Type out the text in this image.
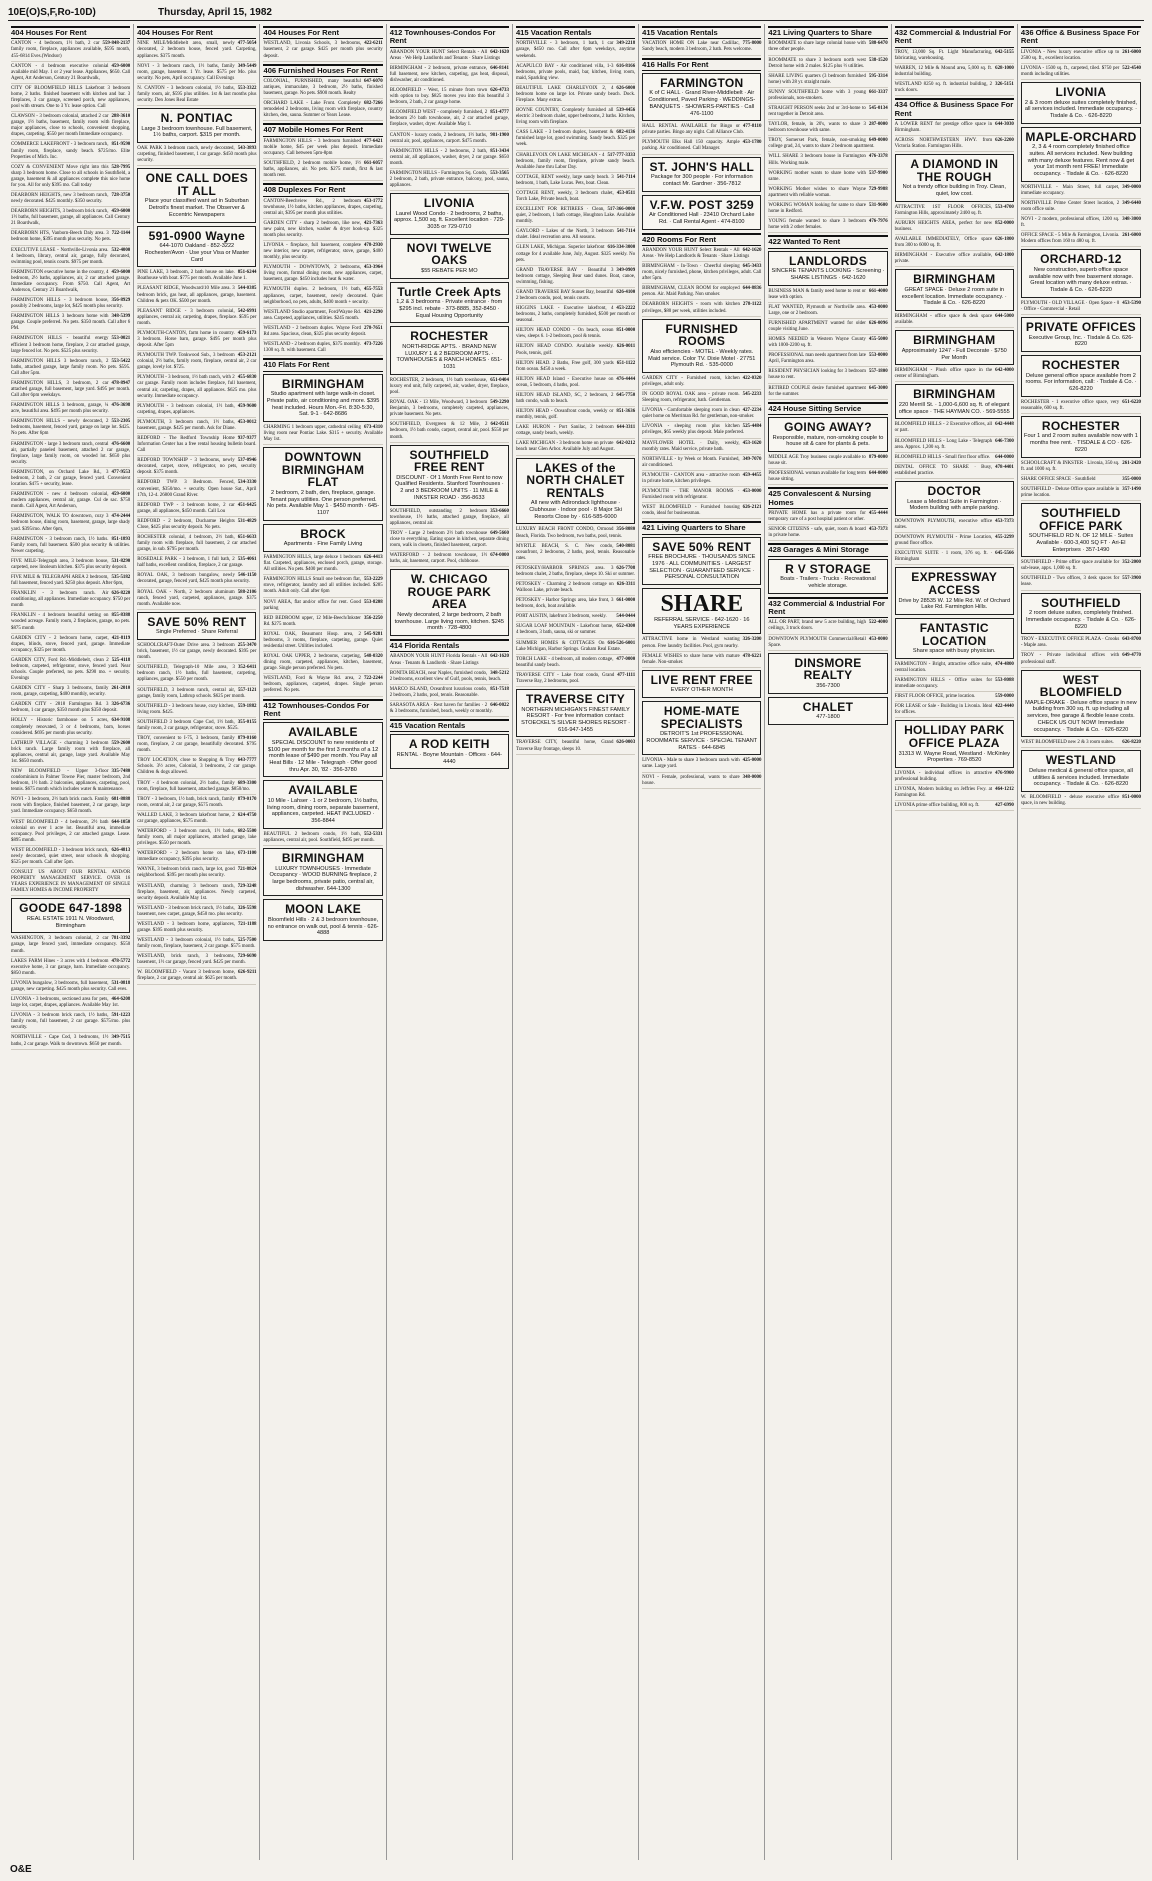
10E(O)S,F,Ro-10D)	Thursday, April 15, 1982
404 Houses For Rent
559-848-2137
CANTON - 4 bedroom, 1½ bath, 2 car family room, fireplace, appliances available, $595 month, 455-6814 Eves.(Windsor)
459-6000
CANTON - 4 bedroom executive colonial available mid May. 1 or 2 year lease. Appliances, $650. Call Agent, Art Anderson, Century 21 Boardwalk,
CITY OF BLOOMFIELD HILLS Lakefront 3 bedroom home, 2 baths. finished basement with kitchen and bar. 3 fireplaces, 3 car garage, screened porch, new appliances, pool with stream. One to 3 Yr. lease option. Call
288-3610
CLAWSON - 3 bedroom colonial, attached 2 car garage, 1½ baths, basement, family room with fireplace, major appliances, close to schools, convenient shopping, drapes, carpeting. $550 per month Immediate occupancy.
851-9590
COMMERCE LAKEFRONT - 3 bedroom ranch, family room, fireplace, sandy beach. $725/mo. Elite Properties of Mich. Inc.
528-7995
COZY & CONVENIENT Move right into this sharp 3 bedroom home. Close to all schools in Southfield, a garage, basement & all appliances complete this nice home for you. All for only $395 mo. Call today
728-3750
DEARBORN HEIGHTS, new 3 bedroom ranch, newly decorated. $425 monthly. $350 security.
459-6000
DEARBORN HEIGHTS, 3 bedroom brick ranch, 1½ baths, full basement, garage, all appliances. Call Century 21 Boardwalk,
722-1144
DEARBORN HTS, Vanborn-Beech Daly area. 3 bedroom home, $395 month plus security. No pets.
532-4000
EXECUTIVE LEASE - Northville-Livonia area. 4 bedroom, library, central air, garage, fully decorated, swimming pool, tennis courts. $975 per month.
459-6000
FARMINGTON executive home in the country, 4 bedroom, 2½ baths, appliances, air, 2 car attached garage. Immediate occupancy. From $750. Call Agent, Art Anderson, Century 21 Boardwalk,
356-8929
FARMINGTON HILLS - 3 bedroom house, possibly 2 bedrooms, large lot, $425 month plus security.
348-5399
FARMINGTON HILLS 3 bedroom home with garage. Couple preferred. No pets. $350 month. Call after 6 PM.
553-0021
FARMINGTON HILLS - beautiful energy efficient 3 bedroom home, fireplace, 2 car attached garage, large fenced lot. No pets. $525 plus security.
553-5422
FARMINGTON HILLS 3 bedroom ranch, 2 baths, attached garage, large family room. No pets. $595. Call after 5pm.
478-8947
FARMINGTON HILLS, 3 bedroom, 2 car attached garage, full basement, large yard. $495 per month. Call after 6pm weekdays.
476-3698
FARMINGTON HILLS 3 bedroom, garage, ¼ acre, beautiful area. $495 per month plus security.
553-2305
FARMINGTON HILLS - newly decorated, 2 bedrooms, basement, fenced yard, garage on large lot. $425. No pets. After 6pm
476-6600
FARMINGTON - large 3 bedroom ranch, central air, partially paneled basement, attached 2 car garage, fireplace, large family room, on wooded lot. $650 plus security.
477-9553
FARMINGTON, on Orchard Lake Rd., 3 bedroom, 2 bath, 2 car garage, fenced yard. Convenient location. $475 + security, lease.
459-6000
FARMINGTON - new 4 bedroom colonial, modern appliances, central air, garage. Cul de sac. $750 month. Call Agent, Art Anderson,
474-2444
FARMINGTON, WALK TO downtown, cozy 3 bedroom house, dining room, basement, garage, large shady yard. $395/mo. After 6pm,
851-1893
FARMINGTON - 3 bedroom ranch, 1½ baths. Family room, full basement. $500 plus security & utilities. Newer carpeting.
531-8290
FIVE MILE-Telegraph area, 3 bedroom house, carpeted, new linoleum kitchen. $375 plus security deposit.
535-5182
FIVE MILE & TELEGRAPH AREA 2 bedroom, full basement, fenced yard. $250 plus deposit. After 6pm,
626-8220
FRANKLIN - 3 bedroom ranch. Air conditioning, all appliances. Immediate occupancy. $750 per month
855-8388
FRANKLIN - 4 bedroom beautiful setting on wooded acreage. Family room, 2 fireplaces, garage, no pets. $875 month
421-8119
GARDEN CITY - 2 bedroom home, carpet, drapes, blinds, stove, fenced yard, garage. Immediate occupancy, $325 per month.
525-4118
GARDEN CITY, Ford Rd.-Middlebelt, clean 2 bedroom, carpeted, refrigerator, stove, fenced yard. Near schools. Couple preferred, no pets. $290 mo. + security. Evenings
261-2010
GARDEN CITY - Sharp 3 bedrooms, family room, garage, carpeting, $400 monthly, security.
326-6736
GARDEN CITY - 2818 Farmington Rd. 3 bedroom, 1 car garage, $350 month plus $350 deposit.
634-9108
HOLLY - Historic farmhouse on 5 acres, completely renovated, 3 or 4 bedrooms, barn, horses considered. $695 per month plus security.
559-2600
LATHRUP VILLAGE - charming 3 bedroom brick ranch. Large family room with fireplace, all appliances, central air, garage, large yard. Available May 1st. $650 month.
335-7480
NEW BLOOMFIELD - Upper 3-floor condominium in Palmer Towne Pier, master bedroom, 2nd bedroom, 1½ bath. 2 balconies, appliances, carpeting, pool, tennis. $675 month which includes water & maintenance.
681-8888
NOVI - 3 bedroom, 2½ bath brick ranch. Family room with fireplace, finished basement, 2 car garage, large yard. Immediate occupancy. $650 month.
644-1050
WEST BLOOMFIELD - 4 bedroom, 2½ bath colonial on over 1 acre lot. Beautiful area, immediate occupancy. Pool privileges, 2 car attached garage. Lease. $895 month.
626-4813
WEST BLOOMFIELD - 3 bedroom brick ranch, newly decorated, quiet street, near schools & shopping. $525 per month. Call after 5pm.
CONSULT US ABOUT OUR RENTAL AND/OR PROPERTY MANAGEMENT SERVICE. OVER 16 YEARS EXPERIENCE IN MANAGEMENT OF SINGLE FAMILY HOMES & INCOME PROPERTY
GOODE 647-1898
REAL ESTATE 1911 N. Woodward, Birmingham
781-3392
WASHINGTON, 3 bedroom colonial, 2 car garage, large fenced yard, immediate occupancy. $550 month.
478-5772
LAKES FARM Hines - 3 acres with 4 bedroom executive home, 3 car garage, barn. Immediate occupancy. $850 month.
531-0818
LIVONIA bungalow, 3 bedrooms, full basement, garage, new carpeting. $425 month plus security. Call eves.
464-6208
LIVONIA - 3 bedrooms, sectioned area for pets, large lot, carpet, drapes, appliances. Available May 1st.
591-1223
LIVONIA - 3 bedroom brick ranch, 1½ baths, family room, full basement, 2 car garage. $575/mo. plus security.
349-7515
NORTHVILLE - Cape Cod, 3 bedrooms, 1½ baths, 2 car garage. Walk to downtown. $650 per month.
404 Houses For Rent
477-5054
NINE MILE/Middlebelt area, small, newly decorated, 2 bedroom house, fenced yard. Carpeting, appliances. $375 month.
349-5449
NOVI - 3 bedroom ranch, 1½ baths, family room, garage, basement. 1 Yr. lease. $575 per Mo. plus security. No pets, April occupancy. Call Evenings
553-3322
N. CANTON - 3 bedroom colonial, 1½ baths, family room, air, $595 plus utilities. 1st & last months plus security. Den Jones Real Estate
N. PONTIAC
Large 3 bedroom townhouse. Full basement, 1½ baths, carport. $315 per month.
543-3893
OAK PARK 3 bedroom ranch, newly decorated, carpeting, finished basement, 1 car garage. $450 month plus security.
ONE CALL DOES IT ALL
Place your classified want ad in Suburban Detroit's finest market. The Observer & Eccentric Newspapers
591-0900 Wayne
644-1070 Oakland · 852-3222 Rochester/Avon · Use your Visa or Master Card
851-6244
PINE LAKE, 3 bedroom, 2 bath house on lake. Boathouse with boat. $775 per month. Available June 1.
544-0385
PLEASANT RIDGE, Woodward/10 Mile area. 3 bedroom brick, gas heat, all appliances, garage, basement. Children & pets OK. $500 per month.
542-6991
PLEASANT RIDGE - 3 bedroom colonial, appliances, central air, carpeting, drapes, fireplace. $595 per month.
459-6173
PLYMOUTH-CANTON, farm home in country. 3 bedroom. Horse barn, garage. $495 per month plus deposit. After 5pm
453-2121
PLYMOUTH TWP. Tonkwood Sub., 3 bedroom colonial, 2½ baths, family room, fireplace, central air, 2 car garage, lovely lot. $725.
455-6830
PLYMOUTH - 3 bedroom, 1½ bath ranch, with 2 car garage. Family room includes fireplace, full basement, central air, carpeting, drapes, all appliances. $625 mo. plus security. Immediate occupancy.
459-9600
PLYMOUTH - 3 bedroom colonial, 1½ bath, carpeting, drapes, appliances.
453-0012
PLYMOUTH, 3 bedroom ranch, 1½ baths, basement, garage. $425 per month. Ask for Diane.
937-9377
REDFORD - The Redford Township Home Information Center has a free rental housing bulletin board. Call
537-0946
REDFORD TOWNSHIP - 3 bedrooms, newly decorated, carpet, stove, refrigerator, no pets, security deposit. $375 month.
534-3330
REDFORD TWP. 3 Bedroom. Fenced, convenient, $350/mo. + security. Open house Sat., April 17th, 12-4. 26800 Grand River.
451-6425
REDFORD TWP - 3 bedroom home, 2 car garage, all appliances, $450 month. Call Lou
531-4829
REDFORD - 2 bedroom, Ducharme Heights Close, $425 plus security deposit. No pets.
651-6633
ROCHESTER colonial, 4 bedroom, 2½ bath, family room with fireplace, full basement, 2 car attached garage, in sub. $795 per month.
535-4061
ROSEDALE PARK - 3 bedroom, 1 full bath, 2 half baths, excellent condition, fireplace, 2 car garage.
546-1150
ROYAL OAK, 3 bedroom bungalow, newly decorated, garage, fenced yard, $425 month plus security.
588-2106
ROYAL OAK - North, 2 bedroom aluminum ranch, fenced yard, carpeted, appliances, garage. $375 month. Available now.
SAVE 50% RENT
Single Preferred · Share Referral
255-3470
SCHOOLCRAFT-Outer Drive area. 3 bedroom brick, basement, 1½ car garage, newly decorated. $395 per month.
352-6411
SOUTHFIELD, Telegraph-10 Mile area, 3 bedroom ranch, 1½ baths, full basement, carpeting, appliances, garage. $550 per month.
557-1121
SOUTHFIELD, 3 bedroom ranch, central air, garage, family room, Lathrup schools. $625 per month.
559-1882
SOUTHFIELD - 3 bedroom house, cozy kitchen, living room. $425.
355-0155
SOUTHFIELD 3 bedroom Cape Cod, 1½ bath, family room, 2 car garage, refrigerator, stove. $525.
879-0160
TROY, convenient to I-75, 3 bedroom, family room, fireplace, 2 car garage, beautifully decorated. $795 month.
643-7777
TROY LOCATION, close to Shopping & Troy Schools. 3½ acres, Colonial, 3 bedrooms, 2 car garage. Children & dogs allowed.
689-3300
TROY - 4 bedroom colonial, 2½ baths, family room, fireplace, full basement, attached garage. $850/mo.
879-0170
TROY - 3 bedroom, 1½ bath, brick ranch, family room, central air, 2 car garage, $575 month.
624-4750
WALLED LAKE, 3 bedroom lakefront home, 2 car garage, appliances, $575 month.
682-5500
WATERFORD - 3 bedroom ranch, 1½ baths, family room, all major appliances, attached garage, lake privileges. $550 per month.
673-1100
WATERFORD - 2 bedroom home on lake, immediate occupancy, $395 plus security.
721-8824
WAYNE, 3 bedroom brick ranch, large lot, good neighborhood. $395 per month plus security.
729-3248
WESTLAND, charming 3 bedroom ranch, fireplace, basement, air, appliances. Newly carpeted, security deposit. Available May 1st.
326-5598
WESTLAND - 3 bedroom brick ranch, 1½ baths, basement, new carpet, garage, $450 mo. plus security.
721-1188
WESTLAND - 3 bedroom home, appliances, garage. $395 month plus security.
525-7500
WESTLAND - 3 bedroom colonial, 1½ baths, family room, fireplace, basement, 2 car garage. $575 month.
729-6690
WESTLAND, brick ranch, 3 bedrooms, basement, 1½ car garage, fenced yard. $425 per month.
626-9211
W. BLOOMFIELD - Vacant 3 bedroom home, fireplace, 2 car garage, central air. $625 per month.
404 Houses For Rent
422-6211
WESTLAND, Livonia Schools, 3 bedrooms, basement, 2 car garage. $425 per month plus security deposit.
406 Furnished Houses For Rent
647-6070
COLONIAL, FURNISHED, many beautiful antiques, immaculate, 3 bedroom, 2½ baths, finished basement, garage. No pets. $900 month. Realty
682-7266
ORCHARD LAKE - Lake Front. Completely remodeled 2 bedrooms, living room with fireplace, country kitchen, den, sauna. Summer or Years Lease.
407 Mobile Homes For Rent
477-6421
FARMINGTON HILLS - 3 bedroom furnished mobile home, $45 per week plus deposit. Immediate occupancy. Call between 5pm-8pm
661-6057
SOUTHFIELD, 2 bedroom mobile home, 1½ baths, appliances, air. No pets. $275 month, first & last month rent.
408 Duplexes For Rent
453-1772
CANTON-Beechview Rd., 2 bedroom townhouse, 1½ baths, kitchen appliances, drapes, carpeting, central air, $395 per month plus utilities.
421-7363
GARDEN CITY - sharp 2 bedroom, like new, new paint, new kitchen, washer & dryer hook-up. $325 month plus security.
478-2930
LIVONIA - fireplace, full basement, complete new interior, new carpet, refrigerator, stove, garage, $400 monthly, plus security.
453-3964
PLYMOUTH - DOWNTOWN, 2 bedrooms, living room, formal dining room, new appliances, carpet, basement, garage. $450 includes heat & water.
455-7553
PLYMOUTH duplex. 2 bedroom, 1½ bath, appliances, carpet, basement, newly decorated. Quiet neighborhood, no pets, adults, $400 month + security.
421-2290
WESTLAND Studio apartment, Ford/Wayne Rd. area. Carpeted, appliances, utilities. $245 month.
278-7651
WESTLAND - 2 bedroom duplex. Wayne Ford Rd area. Spacious, clean, $325 plus security deposit.
473-7226
WESTLAND - 2 bedroom duplex, $375 monthly. 1300 sq. ft. with basement. Call
410 Flats For Rent
BIRMINGHAM
Studio apartment with large walk-in closet. Private patio, air conditioning and more. $395 heat included. Hours Mon.-Fri. 8:30-5:30, Sat. 9-1 · 642-8686
673-4310
CHARMING 1 bedroom upper, cathedral ceiling living room near Pontiac Lake. $315 + security. Available May 1st.
DOWNTOWN BIRMINGHAM FLAT
2 bedroom, 2 bath, den, fireplace, garage. Tenant pays utilities. One person preferred. No pets. Available May 1 · $450 month · 645-1107
BROCK
Apartments · Fine Family Living
626-4413
FARMINGTON HILLS, large deluxe 1 bedroom flat. Carpeted, appliances, enclosed porch, garage, storage. All utilities. No pets. $400 per month.
553-2229
FARMINGTON HILLS Small one bedroom flat, stove, refrigerator, laundry and all utilities included. $285 month. Adult only. Call after 6pm
553-8208
NOVI AREA, flat and/or office for rent. Good parking
356-2250
RED BEDROOM upper, 12 Mile-Beech/Inkster Rd. $275 month.
545-9281
ROYAL OAK, Beaumont Hosp. area, 2 bedrooms, 3 rooms, fireplace, carpeting, garage. Quiet residential street. Utilities included.
548-0320
ROYAL OAK UPPER, 2 bedrooms, carpeting, dining room, carpeted, appliances, kitchen, basement, garage. Single person preferred. No pets.
722-2244
WESTLAND, Ford & Wayne Rd. area, 2 bedroom, appliances, carpeted, drapes. Single person preferred. No pets.
412 Townhouses-Condos For Rent
AVAILABLE
SPECIAL DISCOUNT to new residents of $100 per month for the first 3 months of a 12 month lease of $490 per month. You Pay all Heat Bills · 12 Mile - Telegraph · Offer good thru Apr. 30, '82 · 356-3780
AVAILABLE
10 Mile - Lahser · 1 or 2 bedroom, 1½ baths, living room, dining room, separate basement, appliances, carpeted. HEAT INCLUDED · 356-8844
552-5331
BEAUTIFUL 2 bedroom condo, 1½ bath, appliances, central air, pool. Southfield, $495 per month.
BIRMINGHAM
LUXURY TOWNHOUSES · Immediate Occupancy · WOOD BURNING fireplace, 2 large bedrooms, private patio, central air, dishwasher. 644-1300
MOON LAKE
Bloomfield Hills · 2 & 3 bedroom townhouse, no entrance on walk out, pool & tennis · 626-4888
412 Townhouses-Condos For Rent
642-1620
ABANDON YOUR HUNT Select Rentals - All Areas · We Help Landlords and Tenants · Share Listings
646-8141
BIRMINGHAM - 2 bedroom, private entrance, full basement, new kitchen, carpeting, gas heat, disposal, dishwasher, air conditioned.
626-4733
BLOOMFIELD - West, 15 minute from town with option to buy. $825 moves you into this beautiful 3 bedroom, 2 bath, 2 car garage home.
851-4777
BLOOMFIELD WEST - completely furnished, 2 bedroom 2½ bath townhouse, air, 2 car attached garage, fireplace, washer, dryer. Available May 1.
981-1900
CANTON - luxury condo, 2 bedroom, 1½ baths, central air, pool, appliances, carport. $475 month.
851-3434
FARMINGTON HILLS - 2 bedrooms, 2 bath, central air, all appliances, washer, dryer, 2 car garage. $650 month.
553-3565
FARMINGTON HILLS - Farmington Sq. Condo, 2 bedroom, 2 bath, private entrance, balcony, pool, sauna, appliances.
LIVONIA
Laurel Wood Condo · 2 bedrooms, 2 baths, approx. 1,500 sq. ft. Excellent location · 729-3035 or 729-0710
NOVI TWELVE OAKS
$55 REBATE PER MO
Turtle Creek Apts
1,2 & 3 bedrooms · Private entrance · from $295 incl. rebate · 373-8885, 352-8450 · Equal Housing Opportunity
ROCHESTER
NORTHRIDGE APTS. · BRAND NEW LUXURY 1 & 2 BEDROOM APTS. · TOWNHOUSES & RANCH HOMES · 651-1031
651-0404
ROCHESTER, 2 bedroom, 1½ bath townhouse, luxury end unit, fully carpeted, air, washer, dryer, fireplace, pool.
549-2290
ROYAL OAK - 13 Mile, Woodward, 3 bedroom Benjamin, 3 bedrooms, completely carpeted, appliances, private basement. No pets.
642-0511
SOUTHFIELD, Evergreen & 12 Mile, 2 bedroom, 1½ bath condo, carport, central air, pool. $550 per month.
SOUTHFIELD FREE RENT
DISCOUNT · Of 1 Month Free Rent to now Qualified Residents. Stanford Townhouses · 2 and 3 BEDROOM UNITS · 11 MILE & INKSTER ROAD · 356-8633
353-6660
SOUTHFIELD, outstanding 2 bedroom townhouse, 1½ baths, attached garage, fireplace, all appliances, central air.
649-5660
TROY - Large 2 bedroom 2½ bath townhouse close to everything. Eating space in kitchen, separate dining room, walk in closets, finished basement, carport.
674-0000
WATERFORD - 2 bedroom townhouse, 1½ baths, air, basement, carport. Pool, clubhouse.
W. CHICAGO ROUGE PARK AREA
Newly decorated, 2 large bedroom, 2 bath townhouse. Large living room, kitchen. $245 month · 728-4800
414 Florida Rentals
642-1620
ABANDON YOUR HUNT Florida Rentals - All Areas · Tenants & Landlords · Share Listings
348-5212
BONITA BEACH, near Naples, furnished condo, 2 bedrooms, excellent view of Gulf, pools, tennis, beach.
851-7518
MARCO ISLAND, Oceanfront luxurious condo, 2 bedroom, 2 baths, pool, tennis. Reasonable.
646-0022
SARASOTA AREA · Rest haven for families · 2 & 3 bedrooms, furnished, beach, weekly or monthly.
415 Vacation Rentals
A ROD KEITH
RENTAL · Boyne Mountain · Offices · 644-4440
415 Vacation Rentals
349-2218
NORTHVILLE - 3 bedroom, 1 bath, 1 car garage, $450 mo. Call after 6pm weekdays, anytime weekends.
616-8166
ACAPULCO BAY - Air conditioned villa, 1-3 bedrooms, private pools, maid, bar, kitchen, living room, maid, Sparkling view.
626-6000
BEAUTIFUL LAKE CHARLEVOIX 2, 4 bedroom home on large lot. Private sandy beach. Dock. Fireplace. Many extras.
539-4456
BOYNE COUNTRY, Completely furnished all electric 3 bedroom chalet, upper bedrooms, 2 baths. Kitchen, living room with fireplace.
682-4136
CASS LAKE - 3 bedroom duplex, basement & furnished large lot, good swimming. Sandy beach. $325 per week.
517-777-3333
CHARLEVOIX ON LAKE MICHIGAN - 4 bedroom, family room, fireplace, private sandy beach. Available June thru Labor Day.
541-7114
COTTAGE, RENT weekly, large sandy beach. 3 bedroom, 1 bath, Lake Lucas. Pets, boat. Clean.
453-0511
COTTAGE RENT, weekly, 3 bedroom chalet, Torch Lake, Private beach, boat.
517-366-0000
EXCELLENT FOR RETIREES · Clean, quiet, 2 bedroom, 1 bath cottage, Houghton Lake. Available monthly.
541-7114
GAYLORD - Lakes of the North, 3 bedroom chalet. Ideal recreation area. All seasons.
616-334-3000
GLEN LAKE, Michigan. Superior lakefront cottage for 4 available June, July, August. $325 weekly. No pets.
349-0909
GRAND TRAVERSE BAY · Beautiful 3 bedroom cottage, Sleeping Bear sand dunes. Boat, canoe, swimming, fishing.
626-4100
GRAND TRAVERSE BAY Sunset Bay, beautiful 2 bedroom condo, pool, tennis courts.
453-2222
HIGGINS LAKE - Executive lakefront, 4 bedrooms, 2 baths, completely furnished, $500 per month or seasonal.
851-0000
HILTON HEAD CONDO - On beach, ocean view, sleeps 6. 1-2 bedroom, pool & tennis.
626-0011
HILTON HEAD CONDO. Available weekly. Pools, tennis, golf.
651-1122
HILTON HEAD. 2 Baths, Free golf, 300 yards from ocean. $450 a week.
476-4444
HILTON HEAD Island - Executive house on ocean, 5 bedroom, 4 baths, pool.
645-7750
HILTON HEAD ISLAND, SC, 2 bedroom, 2 bath condo, walk to beach.
851-3636
HILTON HEAD - Oceanfront condo, weekly or monthly, tennis, golf.
644-3311
LAKE HURON - Port Sanilac, 2 bedroom cottage, sandy beach, weekly.
642-0212
LAKE MICHIGAN - 3 bedroom home on private beach near Glen Arbor. Available July and August.
LAKES of the NORTH CHALET RENTALS
All new with Adirondack lighthouse · Clubhouse · Indoor pool · 8 Major Ski Resorts Close by · 616-585-6000
356-8080
LUXURY BEACH FRONT CONDO, Ormond Beach, Florida. Two bedroom, two baths, pool, tennis.
540-8081
MYRTLE BEACH, S. C. New condo, oceanfront, 2 bedrooms, 2 baths, pool, tennis. Reasonable rates.
626-7708
PETOSKEY/HARBOR SPRINGS area. 3 bedroom chalet, 2 baths, fireplace, sleeps 10. Ski or summer.
626-3311
PETOSKEY - Charming 2 bedroom cottage on Walloon Lake, private beach.
661-0000
PETOSKEY - Harbor Springs area, lake front, 3 bedroom, dock, boat available.
544-0444
PORT AUSTIN, lakefront 3 bedroom, weekly.
652-4300
SUGAR LOAF MOUNTAIN - Lakefront home, 4 bedroom, 3 bath, sauna, ski or summer.
616-526-6001
SUMMER HOMES & COTTAGES On Lake Michigan, Harbor Springs. Graham Real Estate.
477-0000
TORCH LAKE - 4 bedroom, all modern cottage, beautiful sandy beach.
477-1111
TRAVERSE CITY - Lake front condo, Grand Traverse Bay, 2 bedrooms, pool.
TRAVERSE CITY
NORTHERN MICHIGAN'S FINEST FAMILY RESORT · For free information contact: STOECKEL'S SILVER SHORES RESORT · 616-947-1455
626-0003
TRAVERSE CITY, beautiful home, Grand Traverse Bay frontage, sleeps 10.
415 Vacation Rentals
775-8000
VACATION HOME ON Lake near Cadillac, Sandy beach, modern 3 bedroom, 2 bath. Pets welcome.
416 Halls For Rent
FARMINGTON
K of C HALL · Grand River-Middlebelt · Air Conditioned, Paved Parking · WEDDINGS-BANQUETS · SHOWERS-PARTIES · Call 476-1100
477-8110
HALL RENTAL AVAILABLE for Bingo or private parties. Bingo any night. Call Alliance Club.
453-1780
PLYMOUTH Elks Hall 150 capacity. Ample parking. Air conditioned. Call Manager.
ST. JOHN'S HALL
Package for 300 people · For information contact Mr. Gardner · 356-7812
V.F.W. POST 3259
Air Conditioned Hall · 23410 Orchard Lake Rd. · Call Rental Agent - 474-8100
420 Rooms For Rent
642-1620
ABANDON YOUR HUNT Select Rentals - All Areas · We Help Landlords & Tenants · Share Listings
645-3433
BIRMINGHAM - In-Town · Cheerful sleeping room, nicely furnished, phone, kitchen privileges, adult. Call after 5pm.
644-8836
BIRMINGHAM, CLEAN ROOM for employed person. Air. Maid Parking. Non smoker.
278-1122
DEARBORN HEIGHTS - room with kitchen privileges, $80 per week, utilities included.
FURNISHED ROOMS
Also efficiencies - MOTEL - Weekly rates. Maid service. Color TV. Dixie Motel · 27751 Plymouth Rd. · 535-0000
422-0320
GARDEN CITY - Furnished room, kitchen privileges, adult only.
545-2233
IN GOOD ROYAL OAK area - private room. Sleeping room, refrigerator, bath. Gentleman.
427-2234
LIVONIA - Comfortable sleeping room in clean quiet home on Merriman Rd. for gentleman, non-smoker.
525-4484
LIVONIA - sleeping room plus kitchen privileges, $65 weekly plus deposit. Male preferred.
453-1620
MAYFLOWER HOTEL · Daily, weekly, monthly rates. Maid service, private bath.
349-7070
NORTHVILLE - by Week or Month. Furnished, air conditioned.
459-4455
PLYMOUTH - CANTON area - attractive room in private home, kitchen privileges.
453-0000
PLYMOUTH - THE MANOR ROOMS · Furnished room with refrigerator.
626-2121
WEST BLOOMFIELD - Furnished housing condo, ideal for businessman.
421 Living Quarters to Share
SAVE 50% RENT
FREE BROCHURE · THOUSANDS SINCE 1976 · ALL COMMUNITIES · LARGEST SELECTION · GUARANTEED SERVICE · PERSONAL CONSULTATION
SHARE
REFERRAL SERVICE · 642-1620 · 16 YEARS EXPERIENCE
326-3200
ATTRACTIVE home in Westland wanting person. Free laundry facilities. Pool, gym nearby.
478-6221
FEMALE WISHES to share home with mature female. Non-smoker.
LIVE RENT FREE
EVERY OTHER MONTH
HOME-MATE SPECIALISTS
DETROIT'S 1st PROFESSIONAL ROOMMATE SERVICE · SPECIAL TENANT RATES · 644-6845
425-0000
LIVONIA - Male to share 3 bedroom ranch with same. Large yard.
348-0000
NOVI - Female, professional, wants to share house.
421 Living Quarters to Share
588-6470
ROOMMATE to share large colonial house with three other people.
538-1520
ROOMMATE to share 3 bedroom north west Detroit home with 2 males. $125 plus ½ utilities.
595-3314
SHARE LIVING quarters (3 bedroom furnished home) with 28 yr. straight male.
661-3337
SUNNY SOUTHFIELD home with 3 young professionals, non-smokers.
545-0134
STRAIGHT PERSON seeks 2nd or 3rd-home to rent together in Detroit area.
287-0000
TAYLOR, female, in 20's, wants to share 3 bedroom townhouse with same.
649-0000
TROY, Somerset Park, female, non-smoking college grad, 24, wants to share 2 bedroom apartment.
476-3378
WILL SHARE 3 bedroom house in Farmington Hills. Working male.
537-9900
WORKING mother wants to share home with same.
729-9988
WORKING Mother wishes to share Wayne apartment with reliable woman.
531-9600
WORKING WOMAN looking for same to share home in Redford.
476-7976
YOUNG female wanted to share 3 bedroom home with 2 other females.
422 Wanted To Rent
LANDLORDS
SINCERE TENANTS LOOKING · Screening · SHARE LISTINGS · 642-1620
661-4000
BUSINESS MAN & family need home to rent or lease with option.
453-0000
FLAT WANTED, Plymouth or Northville area. Large, one or 2 bedroom.
626-0096
FURNISHED APARTMENT wanted for older couple visiting June.
455-5000
HOMES NEEDED in Western Wayne County with 1000-2200 sq. ft.
553-0000
PROFESSIONAL man needs apartment from late April, Farmington area.
557-1800
RESIDENT PHYSICIAN looking for 3 bedroom house to rent.
645-3000
RETIRED COUPLE desire furnished apartment for the summer.
424 House Sitting Service
GOING AWAY?
Responsible, mature, non-smoking couple to house sit & care for plants & pets.
879-0000
MIDDLE AGE Troy business couple available to house sit.
644-0000
PROFESSIONAL woman available for long term house sitting.
425 Convalescent & Nursing Homes
455-4444
PRIVATE HOME has a private room for temporary care of a post hospital patient or other.
453-7373
SENIOR CITIZENS - safe, quiet, room & board in private home.
428 Garages & Mini Storage
R V STORAGE
Boats - Trailers - Trucks · Recreational vehicle storage.
432 Commercial & Industrial For Rent
522-4000
ALL OR PART, brand new 5 acre building, high ceilings, 3 truck doors.
453-0000
DOWNTOWN PLYMOUTH Commercial/Retail Space.
DINSMORE REALTY
356-7300
CHALET
477-1800
432 Commercial & Industrial For Rent
642-5155
TROY, 13,000 Sq. Ft. Light Manufacturing, fabricating, warehousing.
628-1000
WARREN, 12 Mile & Mound area, 5,000 sq. ft. industrial building.
326-5151
WESTLAND 8250 sq. ft. industrial building, 2 truck doors.
434 Office & Business Space For Rent
644-3030
A LOWER RENT for prestige office space in Birmingham.
626-2200
ACROSS NORTHWESTERN HWY. from Victoria Station. Farmington Hills.
A DIAMOND IN THE ROUGH
Not a trendy office building in Troy. Clean, quiet, low cost.
553-4700
ATTRACTIVE 1ST FLOOR OFFICES, Farmington Hills, approximately 2400 sq. ft.
852-0000
AUBURN HEIGHTS AREA, perfect for new business.
626-1800
AVAILABLE IMMEDIATELY, Office space from 300 to 6000 sq. ft.
642-1800
BIRMINGHAM - Executive office available, private.
BIRMINGHAM
GREAT SPACE · Deluxe 2 room suite in excellent location. Immediate occupancy. · Tisdale & Co. · 626-8220
644-5000
BIRMINGHAM - office space & desk space available.
BIRMINGHAM
Approximately 1247 - Full Decorate · $750 Per Month
642-4000
BIRMINGHAM - Plush office space in the center of Birmingham.
BIRMINGHAM
220 Merrill St. · 1,000-6,600 sq. ft. of elegant office space · THE HAYMAN CO. · 569-5555
642-4448
BLOOMFIELD HILLS - 2 Executive offices, all or part.
646-7300
BLOOMFIELD HILLS - Long Lake - Telegraph area. Approx. 1,200 sq. ft.
644-0000
BLOOMFIELD HILLS - Small first floor office.
478-4401
DENTAL OFFICE TO SHARE · Busy, established practice.
DOCTOR
Lease a Medical Suite in Farmington · Modern building with ample parking.
453-7373
DOWNTOWN PLYMOUTH, executive office suites.
455-2299
DOWNTOWN PLYMOUTH - Prime Location, ground floor office.
645-5566
EXECUTIVE SUITE · 1 room, 376 sq. ft. · Birmingham
EXPRESSWAY ACCESS
Drive by 28535 W. 12 Mile Rd. W. of Orchard Lake Rd. Farmington Hills.
FANTASTIC LOCATION
Share space with busy physician.
474-4800
FARMINGTON - Bright, attractive office suite, central location.
553-8088
FARMINGTON HILLS - Office suites for immediate occupancy.
559-0000
FIRST FLOOR OFFICE, prime location.
422-4440
FOR LEASE or Sale - Building in Livonia. Ideal for offices.
HOLLIDAY PARK OFFICE PLAZA
31313 W. Wayne Road, Westland · McKinley Properties · 769-8520
476-9900
LIVONIA - individual offices in attractive professional building.
464-1212
LIVONIA, Modern building on Jeffries Fwy. at Farmington Rd.
427-6990
LIVONIA prime office building, 800 sq. ft.
436 Office & Business Space For Rent
261-6000
LIVONIA - New luxury executive office up to 2500 sq. ft., excellent location.
522-4540
LIVONIA - 1500 sq. ft., carpeted, tiled. $750 per month including utilities.
LIVONIA
2 & 3 room deluxe suites completely finished, all services included. Immediate occupancy. · Tisdale & Co. · 626-8220
MAPLE-ORCHARD
2, 3 & 4 room completely finished office suites. All services included. New building with many deluxe features. Rent now & get your 1st month rent FREE! Immediate occupancy. · Tisdale & Co. · 626-8220
349-0000
NORTHVILLE - Main Street, full carpet, immediate occupancy.
349-6440
NORTHVILLE Prime Center Street location, 2 room office suite.
348-3000
NOVI - 2 modern, professional offices, 1200 sq. ft.
261-6000
OFFICE SPACE - 5 Mile & Farmington, Livonia. Modern offices from 160 to 480 sq. ft.
ORCHARD-12
New construction, superb office space available now with free basement storage. Great location with many deluxe extras. · Tisdale & Co. · 626-8220
453-5390
PLYMOUTH - OLD VILLAGE · Open Space - 0 · Office - Commercial - Retail
PRIVATE OFFICES
Executive Group, Inc. · Tisdale & Co. 626-8220
ROCHESTER
Deluxe general office space available from 2 rooms. For information, call: · Tisdale & Co. · 626-8220
651-6220
ROCHESTER - 1 executive office space, very reasonable, 600 sq. ft.
ROCHESTER
Four 1 and 2 room suites available now with 1 months free rent. · TISDALE & CO · 626-8220
261-2420
SCHOOLCRAFT & INKSTER · Livonia, 350 sq. ft. and 1000 sq. ft.
355-0000
SHARE OFFICE SPACE · Southfield
357-1490
SOUTHFIELD - Deluxe Office space available in prime location.
SOUTHFIELD OFFICE PARK
SOUTHFIELD RD N. OF 12 MILE · Suites Available · 600-3,400 SQ FT · Ari-El Enterprises · 357-1490
352-2000
SOUTHFIELD - Prime office space available for sub-lease, appx. 1,000 sq. ft.
557-3900
SOUTHFIELD - Two offices, 3 desk spaces for lease.
SOUTHFIELD
2 room deluxe suites, completely finished. Immediate occupancy. · Tisdale & Co. · 626-8220
643-8700
TROY - EXECUTIVE OFFICE PLAZA · Crooks - Maple area.
649-4770
TROY - Private individual offices with professional staff.
WEST BLOOMFIELD
MAPLE-DRAKE · Deluxe office space in new building from 300 sq. ft. up including all services, free garage & flexible lease costs. CHECK US OUT NOW! Immediate occupancy. · Tisdale & Co. · 626-8220
626-8220
WEST BLOOMFIELD new 2 & 3 room suites.
WESTLAND
Deluxe medical & general office space, all utilities & services included. Immediate occupancy. · Tisdale & Co. · 626-8220
851-0000
W. BLOOMFIELD - deluxe executive office space, in new building.
O&E
